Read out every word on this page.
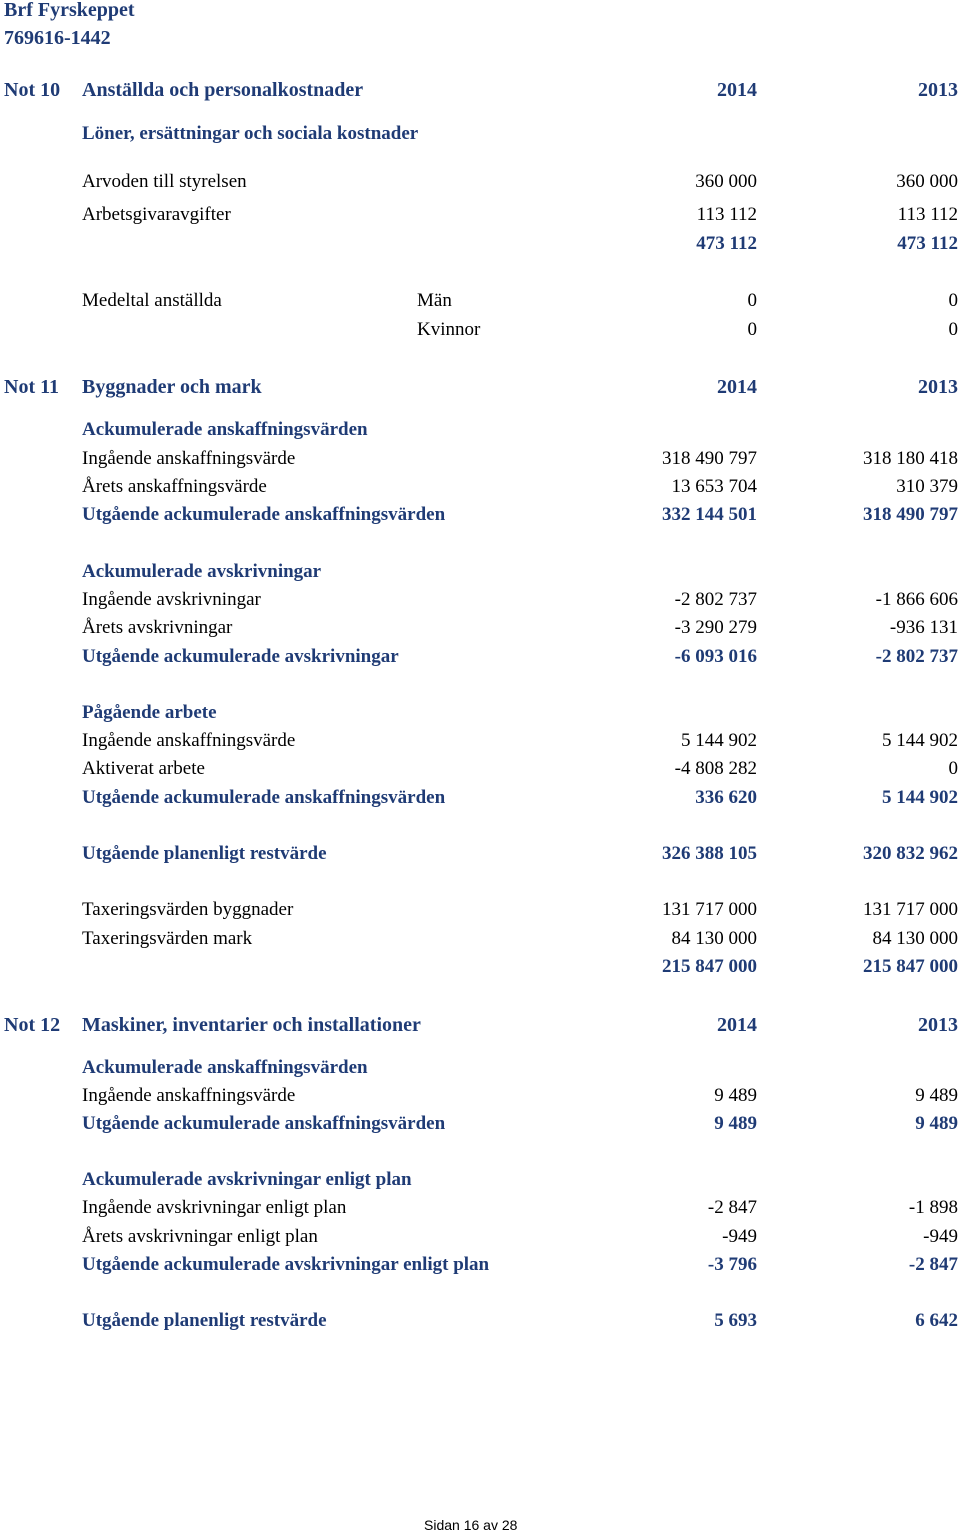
Brf Fyrskeppet
769616-1442
Not 10 Anställda och personalkostnader	2014	2013
Löner, ersättningar och sociala kostnader
Arvoden till styrelsen	360 000	360 000
Arbetsgivaravgifter	113 112	113 112
473 112	473 112
Medeltal anställda	Män	0	0
Kvinnor	0	0
Not 11 Byggnader och mark	2014	2013
Ackumulerade anskaffningsvärden
Ingående anskaffningsvärde	318 490 797	318 180 418
Årets anskaffningsvärde	13 653 704	310 379
Utgående ackumulerade anskaffningsvärden	332 144 501	318 490 797
Ackumulerade avskrivningar
Ingående avskrivningar	-2 802 737	-1 866 606
Årets avskrivningar	-3 290 279	-936 131
Utgående ackumulerade avskrivningar	-6 093 016	-2 802 737
Pågående arbete
Ingående anskaffningsvärde	5 144 902	5 144 902
Aktiverat arbete	-4 808 282	0
Utgående ackumulerade anskaffningsvärden	336 620	5 144 902
Utgående planenligt restvärde	326 388 105	320 832 962
Taxeringsvärden byggnader	131 717 000	131 717 000
Taxeringsvärden mark	84 130 000	84 130 000
215 847 000	215 847 000
Not 12 Maskiner, inventarier och installationer	2014	2013
Ackumulerade anskaffningsvärden
Ingående anskaffningsvärde	9 489	9 489
Utgående ackumulerade anskaffningsvärden	9 489	9 489
Ackumulerade avskrivningar enligt plan
Ingående avskrivningar enligt plan	-2 847	-1 898
Årets avskrivningar enligt plan	-949	-949
Utgående ackumulerade avskrivningar enligt plan	-3 796	-2 847
Utgående planenligt restvärde	5 693	6 642
Sidan 16 av 28
